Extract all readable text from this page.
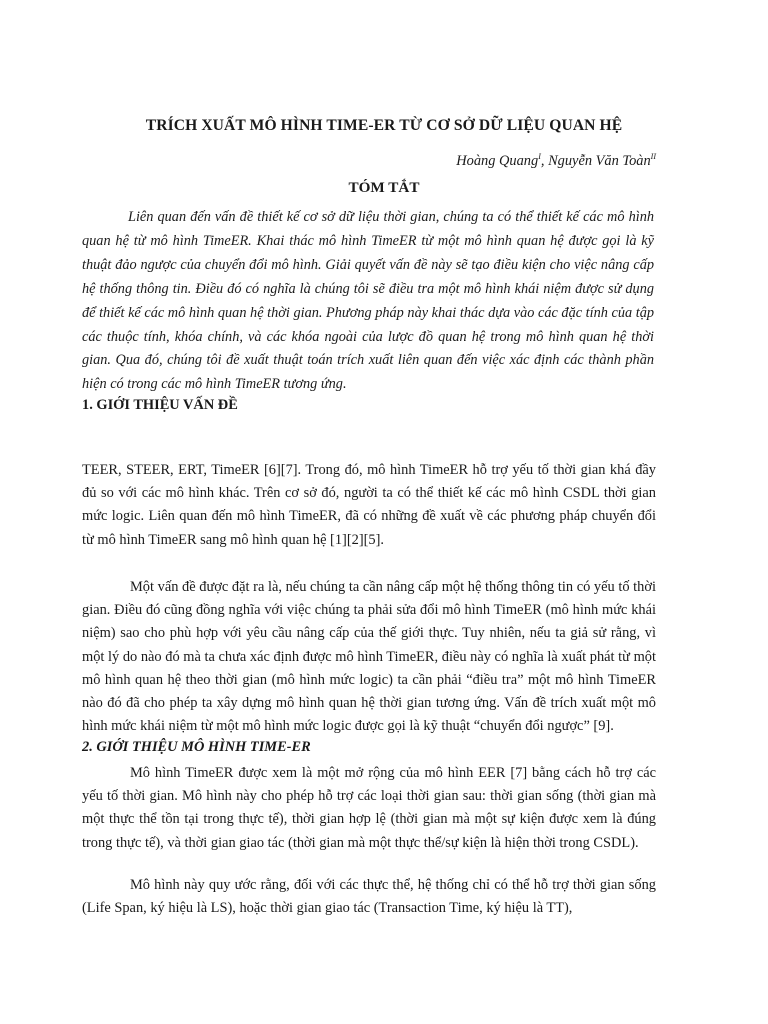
TRÍCH XUẤT MÔ HÌNH TIME-ER TỪ CƠ SỞ DỮ LIỆU QUAN HỆ
Hoàng Quang$^I$, Nguyễn Văn Toàn$^{II}$
TÓM TẮT

Liên quan đến vấn đề thiết kế cơ sở dữ liệu thời gian, chúng ta có thể thiết kế các mô hình quan hệ từ mô hình TimeER. Khai thác mô hình TimeER từ một mô hình quan hệ được gọi là kỹ thuật đảo ngược của chuyển đổi mô hình. Giải quyết vấn đề này sẽ tạo điều kiện cho việc nâng cấp hệ thống thông tin. Điều đó có nghĩa là chúng tôi sẽ điều tra một mô hình khái niệm được sử dụng để thiết kế các mô hình quan hệ thời gian. Phương pháp này khai thác dựa vào các đặc tính của tập các thuộc tính, khóa chính, và các khóa ngoài của lược đồ quan hệ trong mô hình quan hệ thời gian. Qua đó, chúng tôi đề xuất thuật toán trích xuất liên quan đến việc xác định các thành phần hiện có trong các mô hình TimeER tương ứng.

1. GIỚI THIỆU VẤN ĐỀ

TEER, STEER, ERT, TimeER [6][7]. Trong đó, mô hình TimeER hỗ trợ yếu tố thời gian khá đầy đủ so với các mô hình khác. Trên cơ sở đó, người ta có thể thiết kế các mô hình CSDL thời gian mức logic. Liên quan đến mô hình TimeER, đã có những đề xuất về các phương pháp chuyển đổi từ mô hình TimeER sang mô hình quan hệ [1][2][5].

Một vấn đề được đặt ra là, nếu chúng ta cần nâng cấp một hệ thống thông tin có yếu tố thời gian. Điều đó cũng đồng nghĩa với việc chúng ta phải sửa đổi mô hình TimeER (mô hình mức khái niệm) sao cho phù hợp với yêu cầu nâng cấp của thế giới thực. Tuy nhiên, nếu ta giả sử rằng, vì một lý do nào đó mà ta chưa xác định được mô hình TimeER, điều này có nghĩa là xuất phát từ một mô hình quan hệ theo thời gian (mô hình mức logic) ta cần phải “điều tra” một mô hình TimeER nào đó đã cho phép ta xây dựng mô hình quan hệ thời gian tương ứng. Vấn đề trích xuất một mô hình mức khái niệm từ một mô hình mức logic được gọi là kỹ thuật “chuyển đổi ngược” [9].

2. GIỚI THIỆU MÔ HÌNH TIME-ER

Mô hình TimeER được xem là một mở rộng của mô hình EER [7] bằng cách hỗ trợ các yếu tố thời gian. Mô hình này cho phép hỗ trợ các loại thời gian sau: thời gian sống (thời gian mà một thực thể tồn tại trong thực tế), thời gian hợp lệ (thời gian mà một sự kiện được xem là đúng trong thực tế), và thời gian giao tác (thời gian mà một thực thể/sự kiện là hiện thời trong CSDL).

Mô hình này quy ước rằng, đối với các thực thể, hệ thống chỉ có thể hỗ trợ thời gian sống (Life Span, ký hiệu là LS), hoặc thời gian giao tác (Transaction Time, ký hiệu là TT),
